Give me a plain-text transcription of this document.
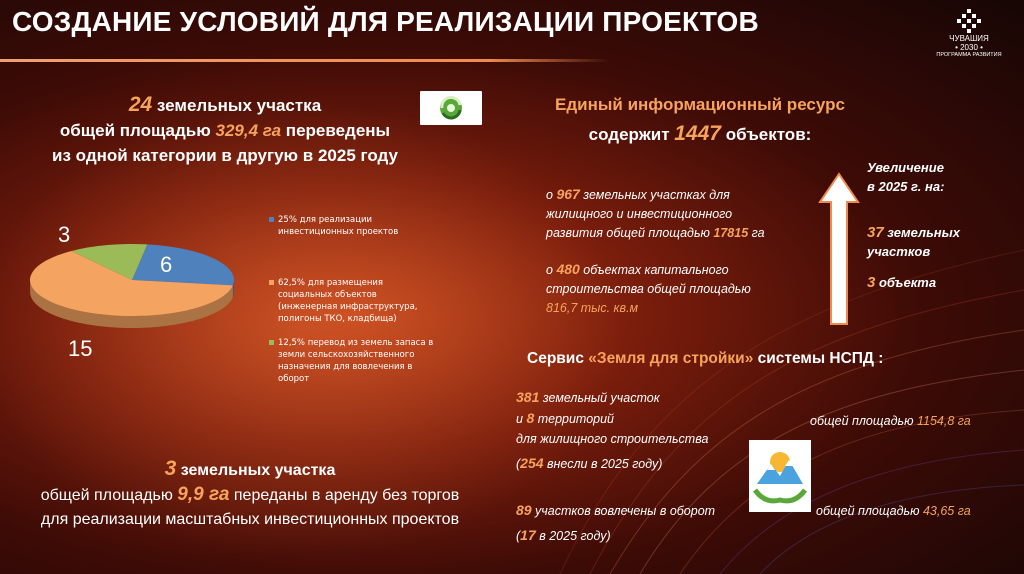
СОЗДАНИЕ УСЛОВИЙ ДЛЯ РЕАЛИЗАЦИИ ПРОЕКТОВ
ЧУВАШИЯ
• 2030 •
ПРОГРАММА РАЗВИТИЯ
24 земельных участка
общей площадью 329,4 га переведены
из одной категории в другую в 2025 году
6
15
3
25% для реализации инвестиционных проектов
62,5% для размещения социальных объектов (инженерная инфраструктура, полигоны ТКО, кладбища)
12,5% перевод из земель запаса в земли сельскохозяйственного назначения для вовлечения в оборот
3 земельных участка
общей площадью 9,9 га переданы в аренду без торгов
для реализации масштабных инвестиционных проектов
Единый информационный ресурс
содержит 1447 объектов:
о 967 земельных участках для
жилищного и инвестиционного
развития общей площадью 17815 га
о 480 объектах капитального
строительства общей площадью
816,7 тыс. кв.м
Увеличение
в 2025 г. на:
37 земельных
участков
3 объекта
Сервис «Земля для стройки» системы НСПД :
381 земельный участок
и 8 территорий
для жилищного строительства
(254 внесли в 2025 году)
общей площадью 1154,8 га
89 участков вовлечены в оборот
(17 в 2025 году)
общей площадью 43,65 га
